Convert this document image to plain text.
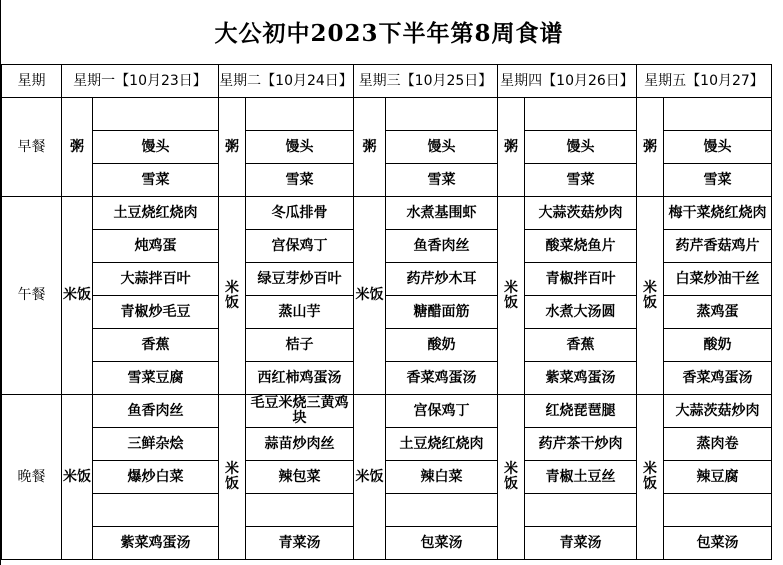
大公初中2023下半年第8周食谱
星期	星期一【10月23日】		星期二【10月24日】		星期三【10月25日】		星期四【10月26日】		星期五【10月27】	
早餐	粥		粥		粥		粥		粥	
		馒头		馒头		馒头		馒头		馒头
		雪菜		雪菜		雪菜		雪菜		雪菜
午餐	米饭	土豆烧红烧肉	米饭	冬瓜排骨	米饭	水煮基围虾	米饭	大蒜茨菇炒肉	米饭	梅干菜烧红烧肉
		炖鸡蛋		宫保鸡丁		鱼香肉丝		酸菜烧鱼片		药芹香菇鸡片
		大蒜拌百叶		绿豆芽炒百叶		药芹炒木耳		青椒拌百叶		白菜炒油干丝
		青椒炒毛豆		蒸山芋		糖醋面筋		水煮大汤圆		蒸鸡蛋
		香蕉		桔子		酸奶		香蕉		酸奶
		雪菜豆腐		西红柿鸡蛋汤		香菜鸡蛋汤		紫菜鸡蛋汤		香菜鸡蛋汤
晚餐	米饭	鱼香肉丝	米饭	毛豆米烧三黄鸡块	米饭	宫保鸡丁	米饭	红烧琵琶腿	米饭	大蒜茨菇炒肉
		三鲜杂烩		蒜苗炒肉丝		土豆烧红烧肉		药芹茶干炒肉		蒸肉卷
		爆炒白菜		辣包菜		辣白菜		青椒土豆丝		辣豆腐

		紫菜鸡蛋汤		青菜汤		包菜汤		青菜汤		包菜汤
